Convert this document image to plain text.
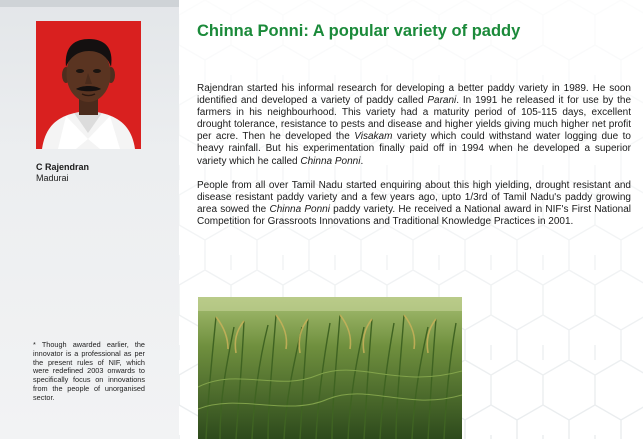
C Rajendran
Madurai
* Though awarded earlier, the innovator is a professional as per the present rules of NIF, which were redefined 2003 onwards to specifically focus on innovations from the people of unorganised sector.
Chinna Ponni: A popular variety of paddy

Rajendran started his informal research for developing a better paddy variety in 1989. He soon identified and developed a variety of paddy called Parani. In 1991 he released it for use by the farmers in his neighbourhood. This variety had a maturity period of 105-115 days, excellent drought tolerance, resistance to pests and disease and higher yields giving much higher net profit per acre. Then he developed the Visakam variety which could withstand water logging due to heavy rainfall. But his experimentation finally paid off in 1994 when he developed a superior variety which he called Chinna Ponni.

People from all over Tamil Nadu started enquiring about this high yielding, drought resistant and disease resistant paddy variety and a few years ago, upto 1/3rd of Tamil Nadu's paddy growing area sowed the Chinna Ponni paddy variety. He received a National award in NIF's First National Competition for Grassroots Innovations and Traditional Knowledge Practices in 2001.
